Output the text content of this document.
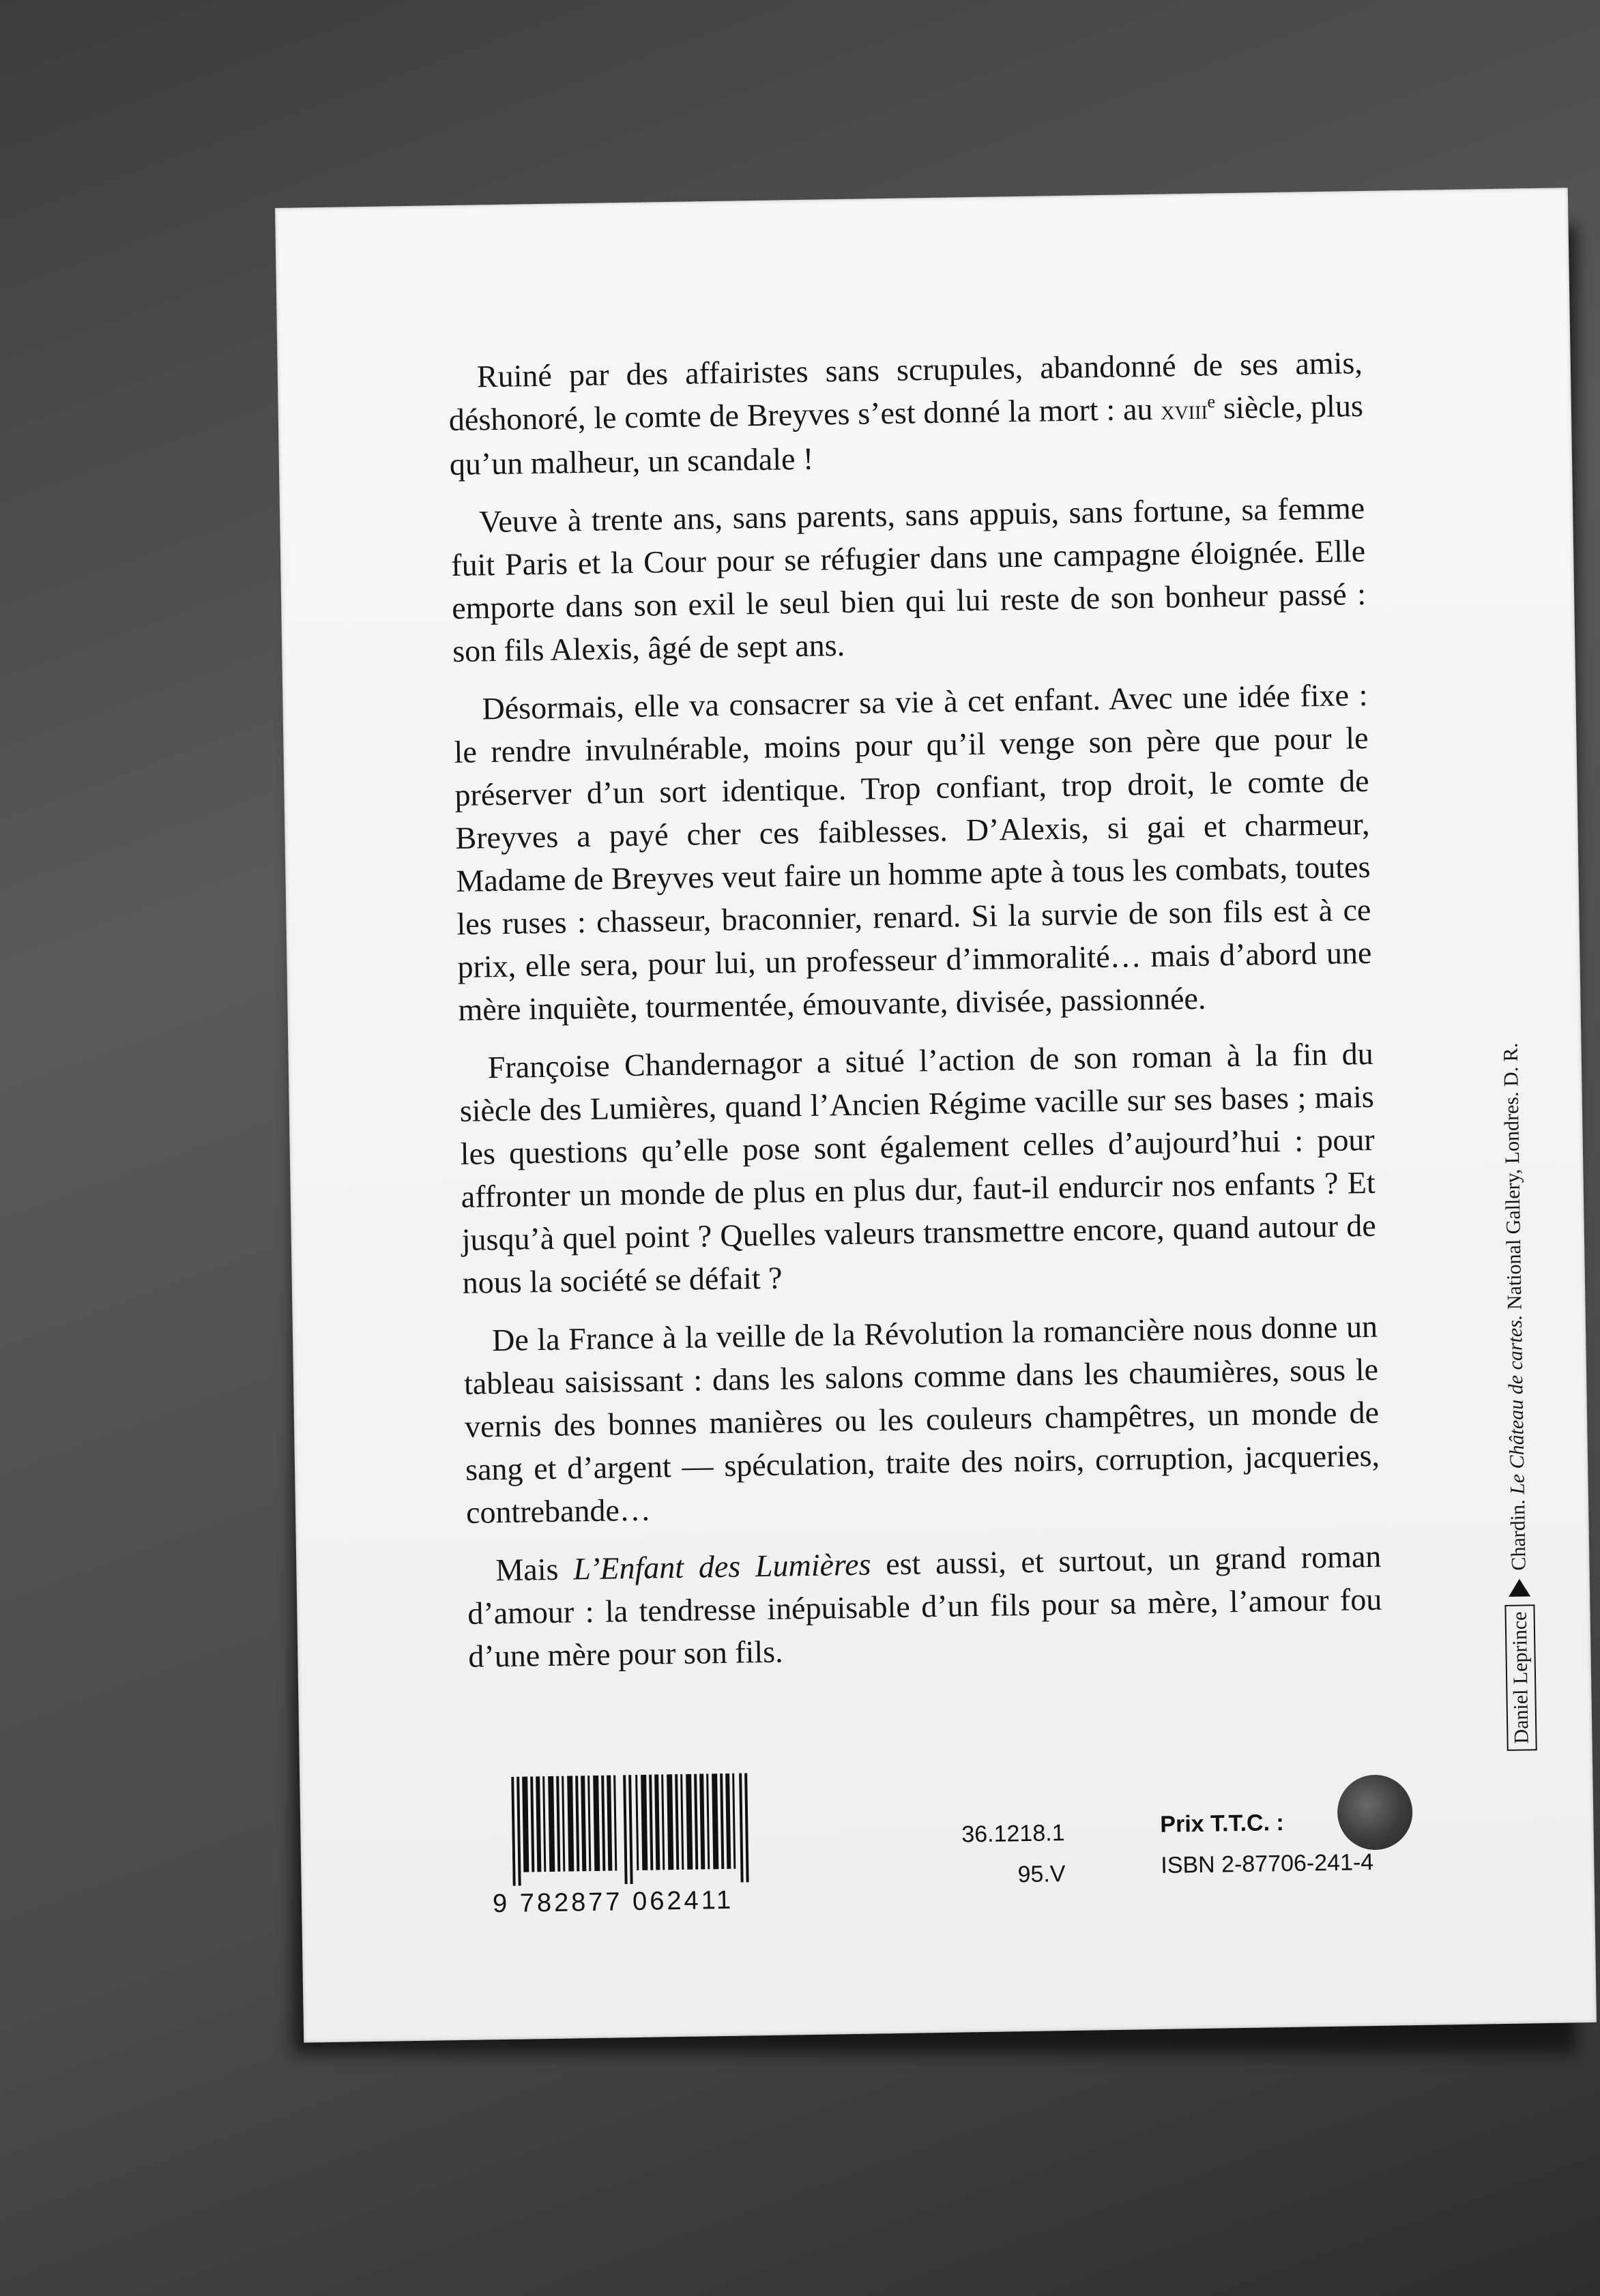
Ruiné par des affairistes sans scrupules, abandonné de ses amis, déshonoré, le comte de Breyves s’est donné la mort : au xviii$^e$ siècle, plus qu’un malheur, un scandale !

Veuve à trente ans, sans parents, sans appuis, sans fortune, sa femme fuit Paris et la Cour pour se réfugier dans une campagne éloignée. Elle emporte dans son exil le seul bien qui lui reste de son bonheur passé : son fils Alexis, âgé de sept ans.

Désormais, elle va consacrer sa vie à cet enfant. Avec une idée fixe : le rendre invulnérable, moins pour qu’il venge son père que pour le préserver d’un sort identique. Trop confiant, trop droit, le comte de Breyves a payé cher ces faiblesses. D’Alexis, si gai et charmeur, Madame de Breyves veut faire un homme apte à tous les combats, toutes les ruses : chasseur, braconnier, renard. Si la survie de son fils est à ce prix, elle sera, pour lui, un professeur d’immoralité… mais d’abord une mère inquiète, tourmentée, émouvante, divisée, passionnée.

Françoise Chandernagor a situé l’action de son roman à la fin du siècle des Lumières, quand l’Ancien Régime vacille sur ses bases ; mais les questions qu’elle pose sont également celles d’aujourd’hui : pour affronter un monde de plus en plus dur, faut-il endurcir nos enfants ? Et jusqu’à quel point ? Quelles valeurs transmettre encore, quand autour de nous la société se défait ?

De la France à la veille de la Révolution la romancière nous donne un tableau saisissant : dans les salons comme dans les chaumières, sous le vernis des bonnes manières ou les couleurs champêtres, un monde de sang et d’argent — spéculation, traite des noirs, corruption, jacqueries, contrebande…

Mais L’Enfant des Lumières est aussi, et surtout, un grand roman d’amour : la tendresse inépuisable d’un fils pour sa mère, l’amour fou d’une mère pour son fils.	Daniel Leprince
Chardin. Le Château de cartes. National Gallery, Londres. D. R.
9 782877 062411
36.1218.1
95.V
Prix T.T.C. :
ISBN 2-87706-241-4
